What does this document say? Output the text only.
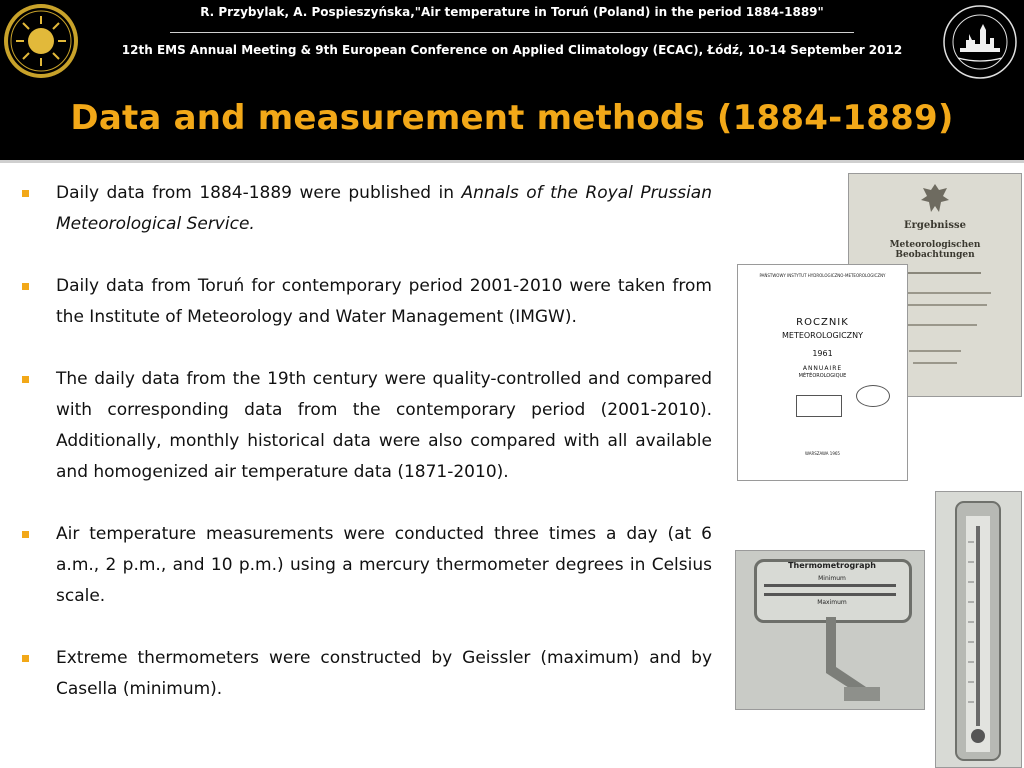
R. Przybylak, A. Pospieszyńska,"Air temperature in Toruń (Poland) in the period 1884-1889"
12th EMS Annual Meeting & 9th European Conference on Applied Climatology (ECAC), Łódź, 10-14 September 2012
Data and measurement methods (1884-1889)
Daily data from 1884-1889 were published in Annals of the Royal Prussian Meteorological Service.
Daily data from Toruń for contemporary period 2001-2010 were taken from the Institute of Meteorology and Water Management (IMGW).
The daily data from the 19th century were quality-controlled and compared with corresponding data from the contemporary period (2001-2010). Additionally, monthly historical data were also compared with all available and homogenized air temperature data (1871-2010).
Air temperature measurements were conducted three times a day (at 6 a.m., 2 p.m., and 10 p.m.) using a mercury thermometer degrees in Celsius scale.
Extreme thermometers were constructed by Geissler (maximum) and by Casella (minimum).
Ergebnisse
Meteorologischen Beobachtungen
PAŃSTWOWY INSTYTUT HYDROLOGICZNO-METEOROLOGICZNY
ROCZNIK
METEOROLOGICZNY
1961
ANNUAIRE
MÉTÉOROLOGIQUE
WARSZAWA 1965
Thermometrograph
Minimum
Maximum
